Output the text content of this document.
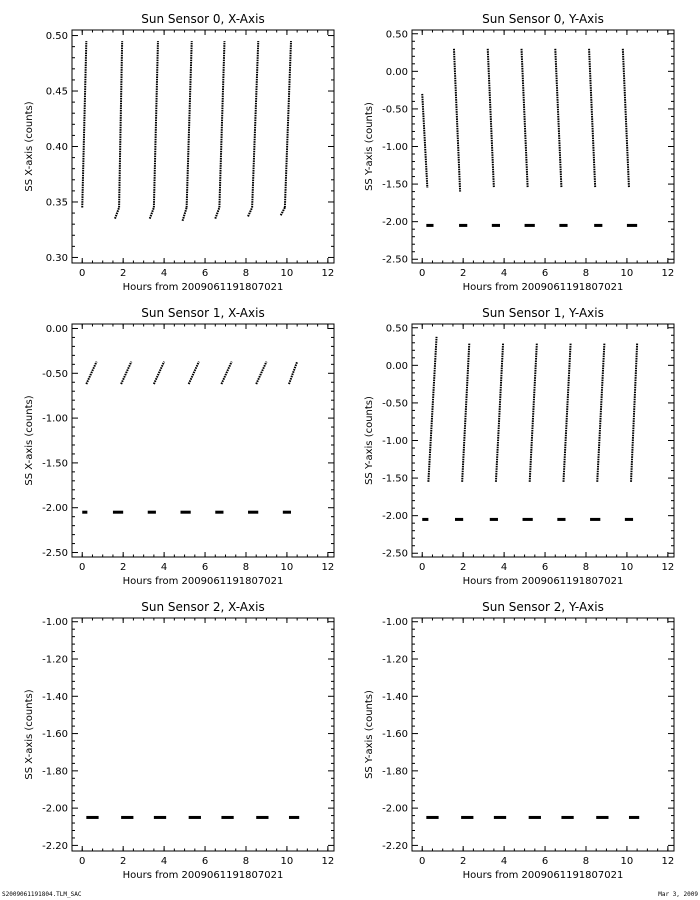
Sun Sensor 0, X-Axis
Hours from 2009061191807021
SS X-axis (counts)
0	2	4	6	8	10	12
0.30
0.35
0.40
0.45
0.50
Sun Sensor 0, Y-Axis
Hours from 2009061191807021
SS Y-axis (counts)
0	2	4	6	8	10	12
-2.50
-2.00
-1.50
-1.00
-0.50
0.00
0.50
Sun Sensor 1, X-Axis
Hours from 2009061191807021
SS X-axis (counts)
0	2	4	6	8	10	12
-2.50
-2.00
-1.50
-1.00
-0.50
0.00
Sun Sensor 1, Y-Axis
Hours from 2009061191807021
SS Y-axis (counts)
0	2	4	6	8	10	12
-2.50
-2.00
-1.50
-1.00
-0.50
0.00
0.50
Sun Sensor 2, X-Axis
Hours from 2009061191807021
SS X-axis (counts)
0	2	4	6	8	10	12
-2.20
-2.00
-1.80
-1.60
-1.40
-1.20
-1.00
Sun Sensor 2, Y-Axis
Hours from 2009061191807021
SS Y-axis (counts)
0	2	4	6	8	10	12
-2.20
-2.00
-1.80
-1.60
-1.40
-1.20
-1.00
S2009061191804.TLM_SAC	Mar 3, 2009
